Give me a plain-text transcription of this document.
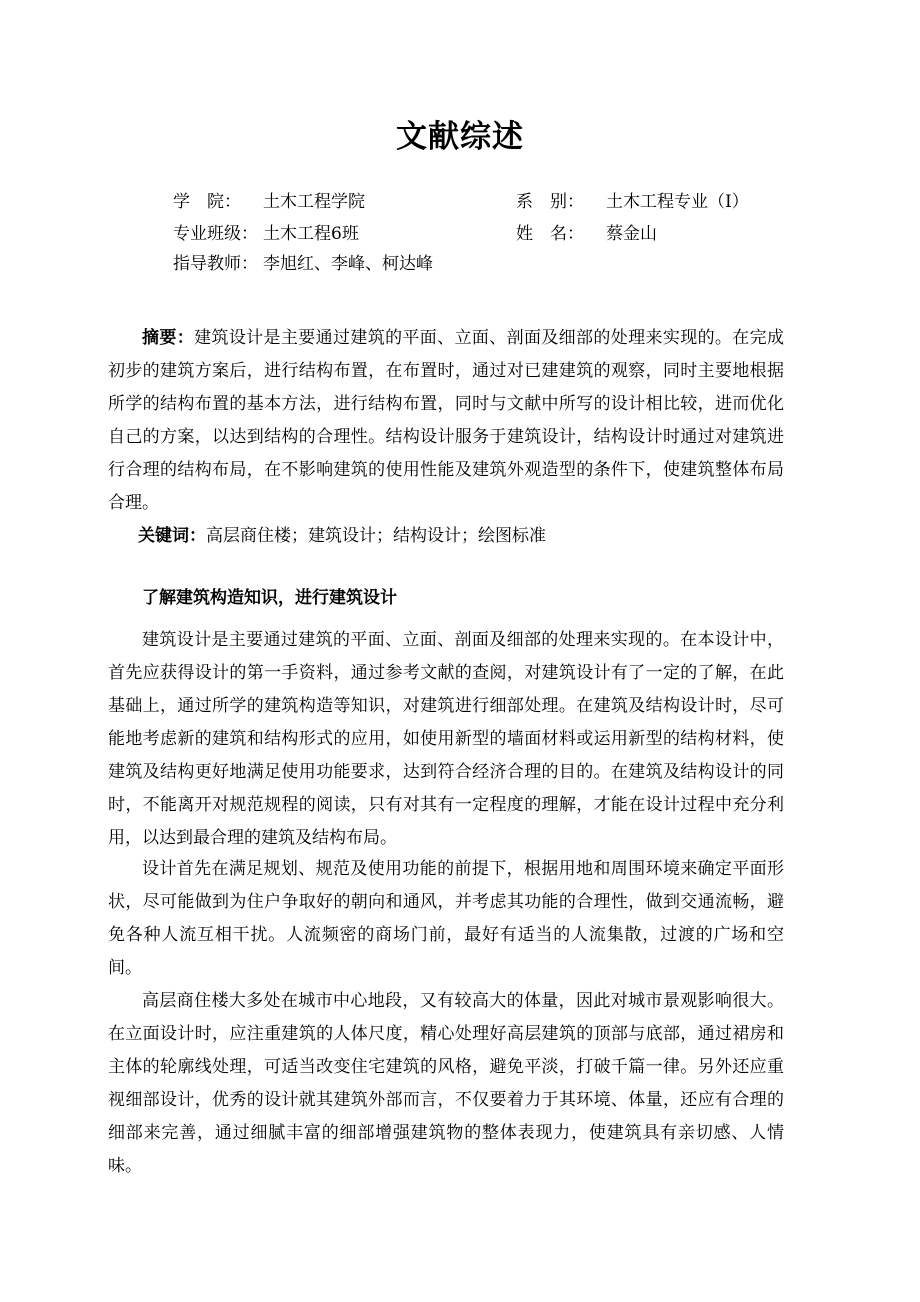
文献综述
学　院： 土木工程学院	系　别： 土木工程专业（I）
专业班级： 土木工程6班	姓　名： 蔡金山
指导教师： 李旭红、李峰、柯达峰

摘要：建筑设计是主要通过建筑的平面、立面、剖面及细部的处理来实现的。在完成初步的建筑方案后，进行结构布置，在布置时，通过对已建建筑的观察，同时主要地根据所学的结构布置的基本方法，进行结构布置，同时与文献中所写的设计相比较，进而优化自己的方案，以达到结构的合理性。结构设计服务于建筑设计，结构设计时通过对建筑进行合理的结构布局，在不影响建筑的使用性能及建筑外观造型的条件下，使建筑整体布局合理。

关键词：高层商住楼；建筑设计；结构设计；绘图标准

了解建筑构造知识，进行建筑设计

建筑设计是主要通过建筑的平面、立面、剖面及细部的处理来实现的。在本设计中，首先应获得设计的第一手资料，通过参考文献的查阅，对建筑设计有了一定的了解，在此基础上，通过所学的建筑构造等知识，对建筑进行细部处理。在建筑及结构设计时，尽可能地考虑新的建筑和结构形式的应用，如使用新型的墙面材料或运用新型的结构材料，使建筑及结构更好地满足使用功能要求，达到符合经济合理的目的。在建筑及结构设计的同时，不能离开对规范规程的阅读，只有对其有一定程度的理解，才能在设计过程中充分利用，以达到最合理的建筑及结构布局。

设计首先在满足规划、规范及使用功能的前提下，根据用地和周围环境来确定平面形状，尽可能做到为住户争取好的朝向和通风，并考虑其功能的合理性，做到交通流畅，避免各种人流互相干扰。人流频密的商场门前，最好有适当的人流集散，过渡的广场和空间。

高层商住楼大多处在城市中心地段，又有较高大的体量，因此对城市景观影响很大。在立面设计时，应注重建筑的人体尺度，精心处理好高层建筑的顶部与底部，通过裙房和主体的轮廓线处理，可适当改变住宅建筑的风格，避免平淡，打破千篇一律。另外还应重视细部设计，优秀的设计就其建筑外部而言，不仅要着力于其环境、体量，还应有合理的细部来完善，通过细腻丰富的细部增强建筑物的整体表现力，使建筑具有亲切感、人情味。
